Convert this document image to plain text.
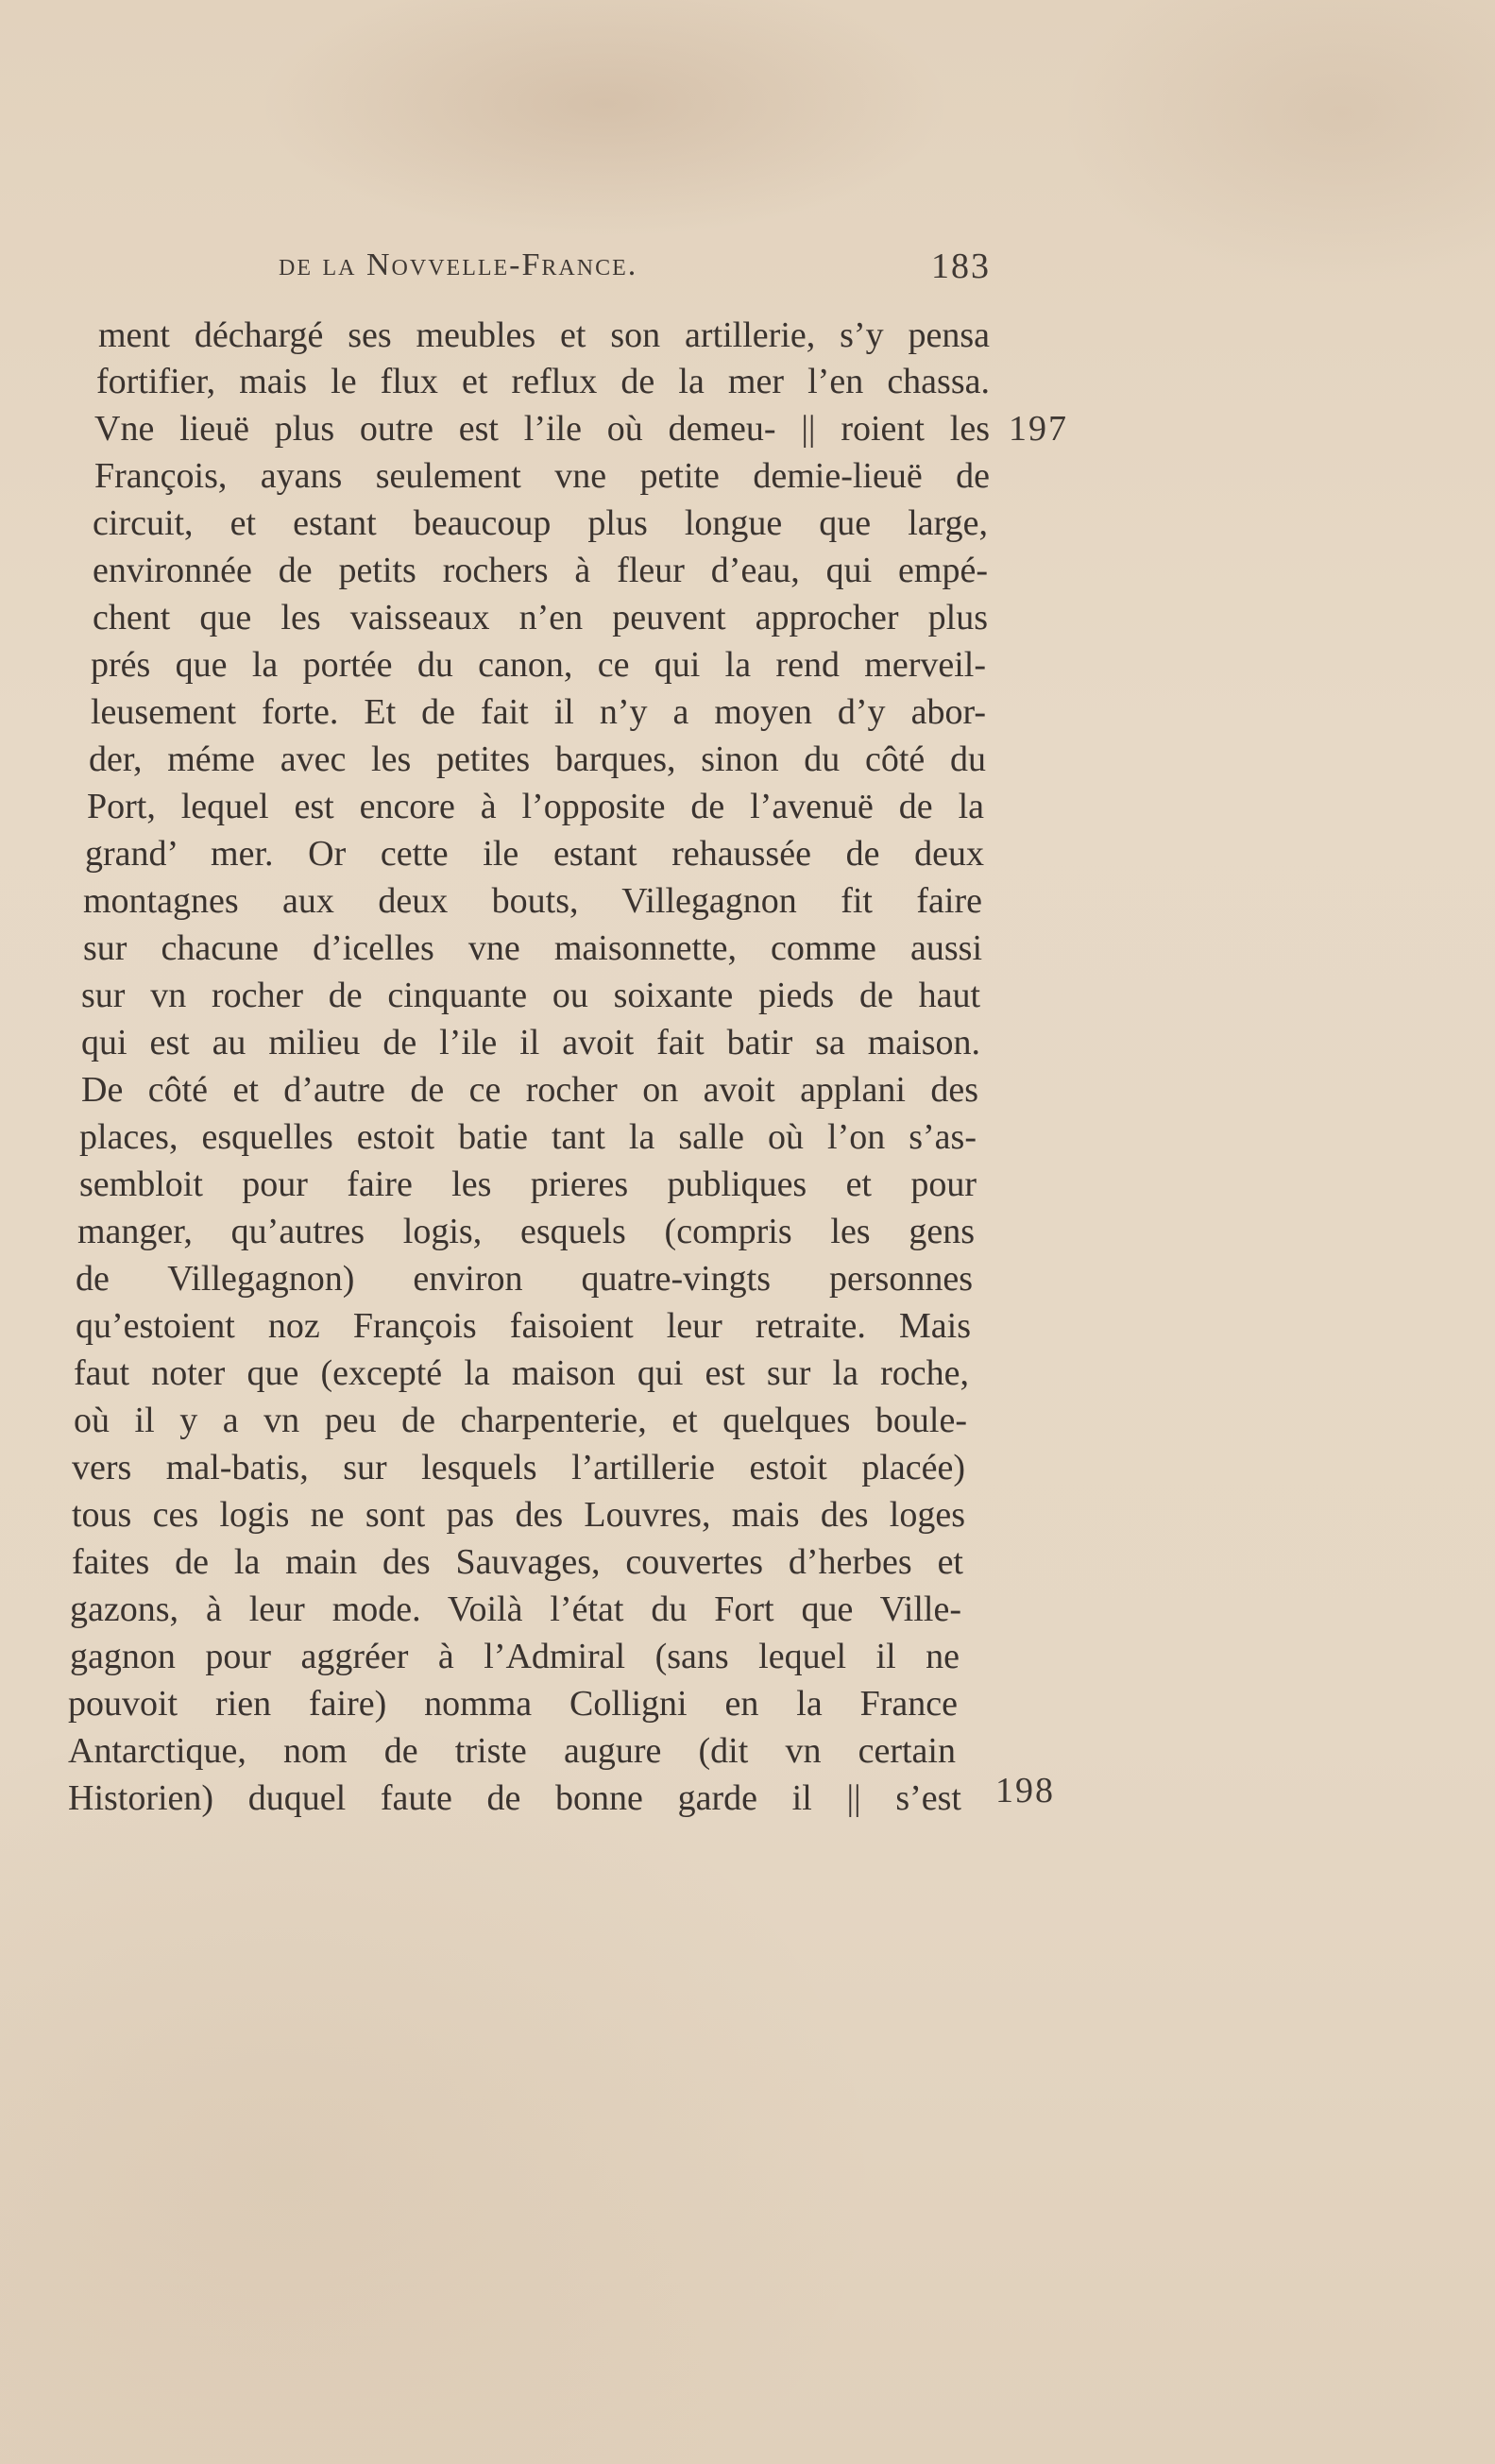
de la Novvelle-France.	183
ment déchargé ses meubles et son artillerie, s’y pensa
fortifier, mais le flux et reflux de la mer l’en chassa.
Vne lieuë plus outre est l’ile où demeu- || roient les
François, ayans seulement vne petite demie-lieuë de
circuit, et estant beaucoup plus longue que large,
environnée de petits rochers à fleur d’eau, qui empé-
chent que les vaisseaux n’en peuvent approcher plus
prés que la portée du canon, ce qui la rend merveil-
leusement forte. Et de fait il n’y a moyen d’y abor-
der, méme avec les petites barques, sinon du côté du
Port, lequel est encore à l’opposite de l’avenuë de la
grand’ mer. Or cette ile estant rehaussée de deux
montagnes aux deux bouts, Villegagnon fit faire
sur chacune d’icelles vne maisonnette, comme aussi
sur vn rocher de cinquante ou soixante pieds de haut
qui est au milieu de l’ile il avoit fait batir sa maison.
De côté et d’autre de ce rocher on avoit applani des
places, esquelles estoit batie tant la salle où l’on s’as-
sembloit pour faire les prieres publiques et pour
manger, qu’autres logis, esquels (compris les gens
de Villegagnon) environ quatre-vingts personnes
qu’estoient noz François faisoient leur retraite. Mais
faut noter que (excepté la maison qui est sur la roche,
où il y a vn peu de charpenterie, et quelques boule-
vers mal-batis, sur lesquels l’artillerie estoit placée)
tous ces logis ne sont pas des Louvres, mais des loges
faites de la main des Sauvages, couvertes d’herbes et
gazons, à leur mode. Voilà l’état du Fort que Ville-
gagnon pour aggréer à l’Admiral (sans lequel il ne
pouvoit rien faire) nomma Colligni en la France
Antarctique, nom de triste augure (dit vn certain
Historien) duquel faute de bonne garde il || s’est
197
198
